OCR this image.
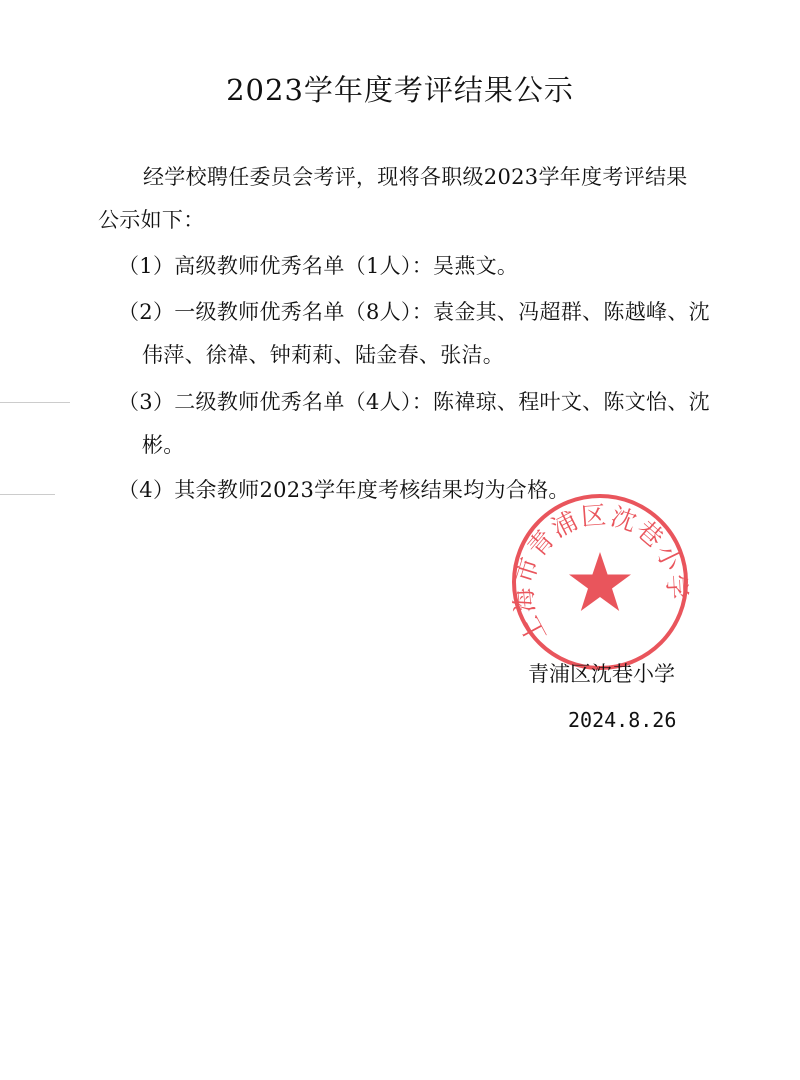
2023学年度考评结果公示

经学校聘任委员会考评，现将各职级2023学年度考评结果公示如下：

（1）高级教师优秀名单（1人）：吴燕文。

（2）一级教师优秀名单（8人）：袁金其、冯超群、陈越峰、沈伟萍、徐禕、钟莉莉、陆金春、张洁。

（3）二级教师优秀名单（4人）：陈禕琼、程叶文、陈文怡、沈彬。

（4）其余教师2023学年度考核结果均为合格。

上海市青浦区沈巷小学
青浦区沈巷小学
2024.8.26
